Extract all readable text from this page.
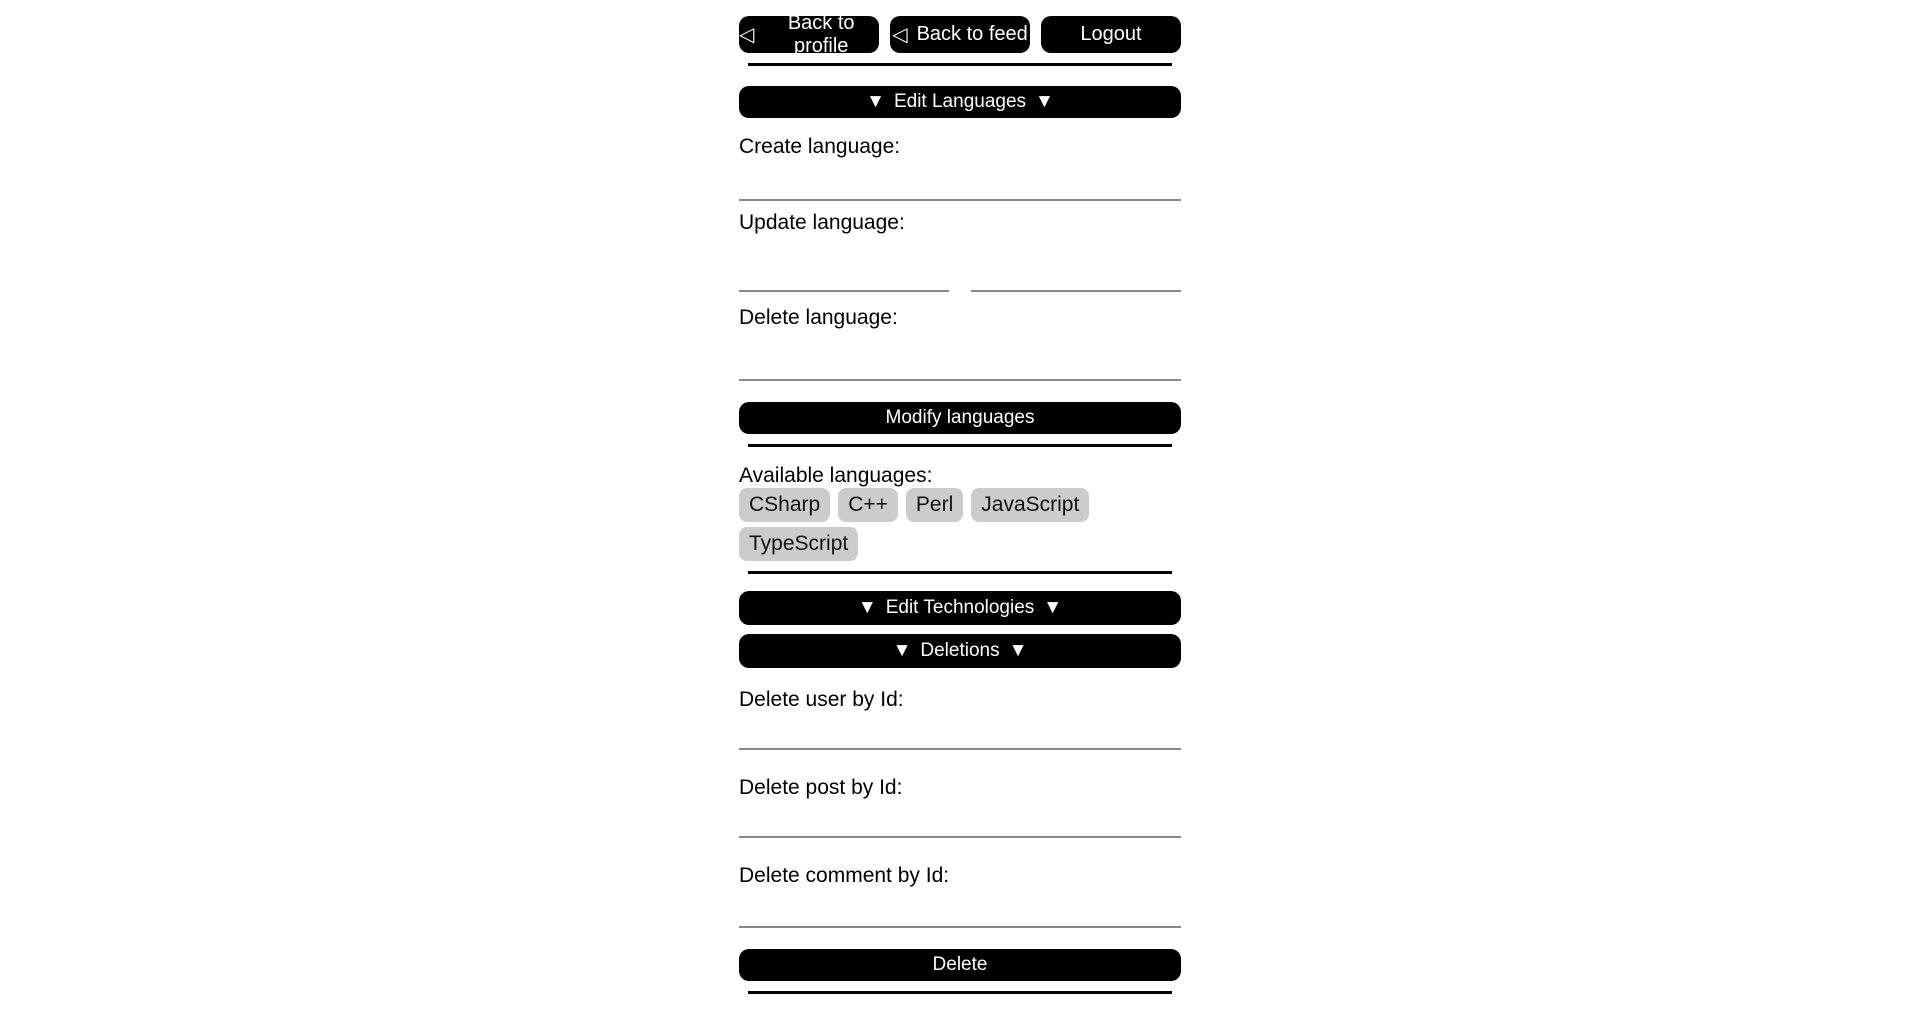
◁
Back to profile	◁ Back to feed	Logout
▼ Edit Languages ▼
Create language:
Update language:
Delete language:
Modify languages
Available languages:
CSharp	C++	Perl	JavaScript
TypeScript
▼ Edit Technologies ▼
▼ Deletions ▼
Delete user by Id:
Delete post by Id:
Delete comment by Id:
Delete
